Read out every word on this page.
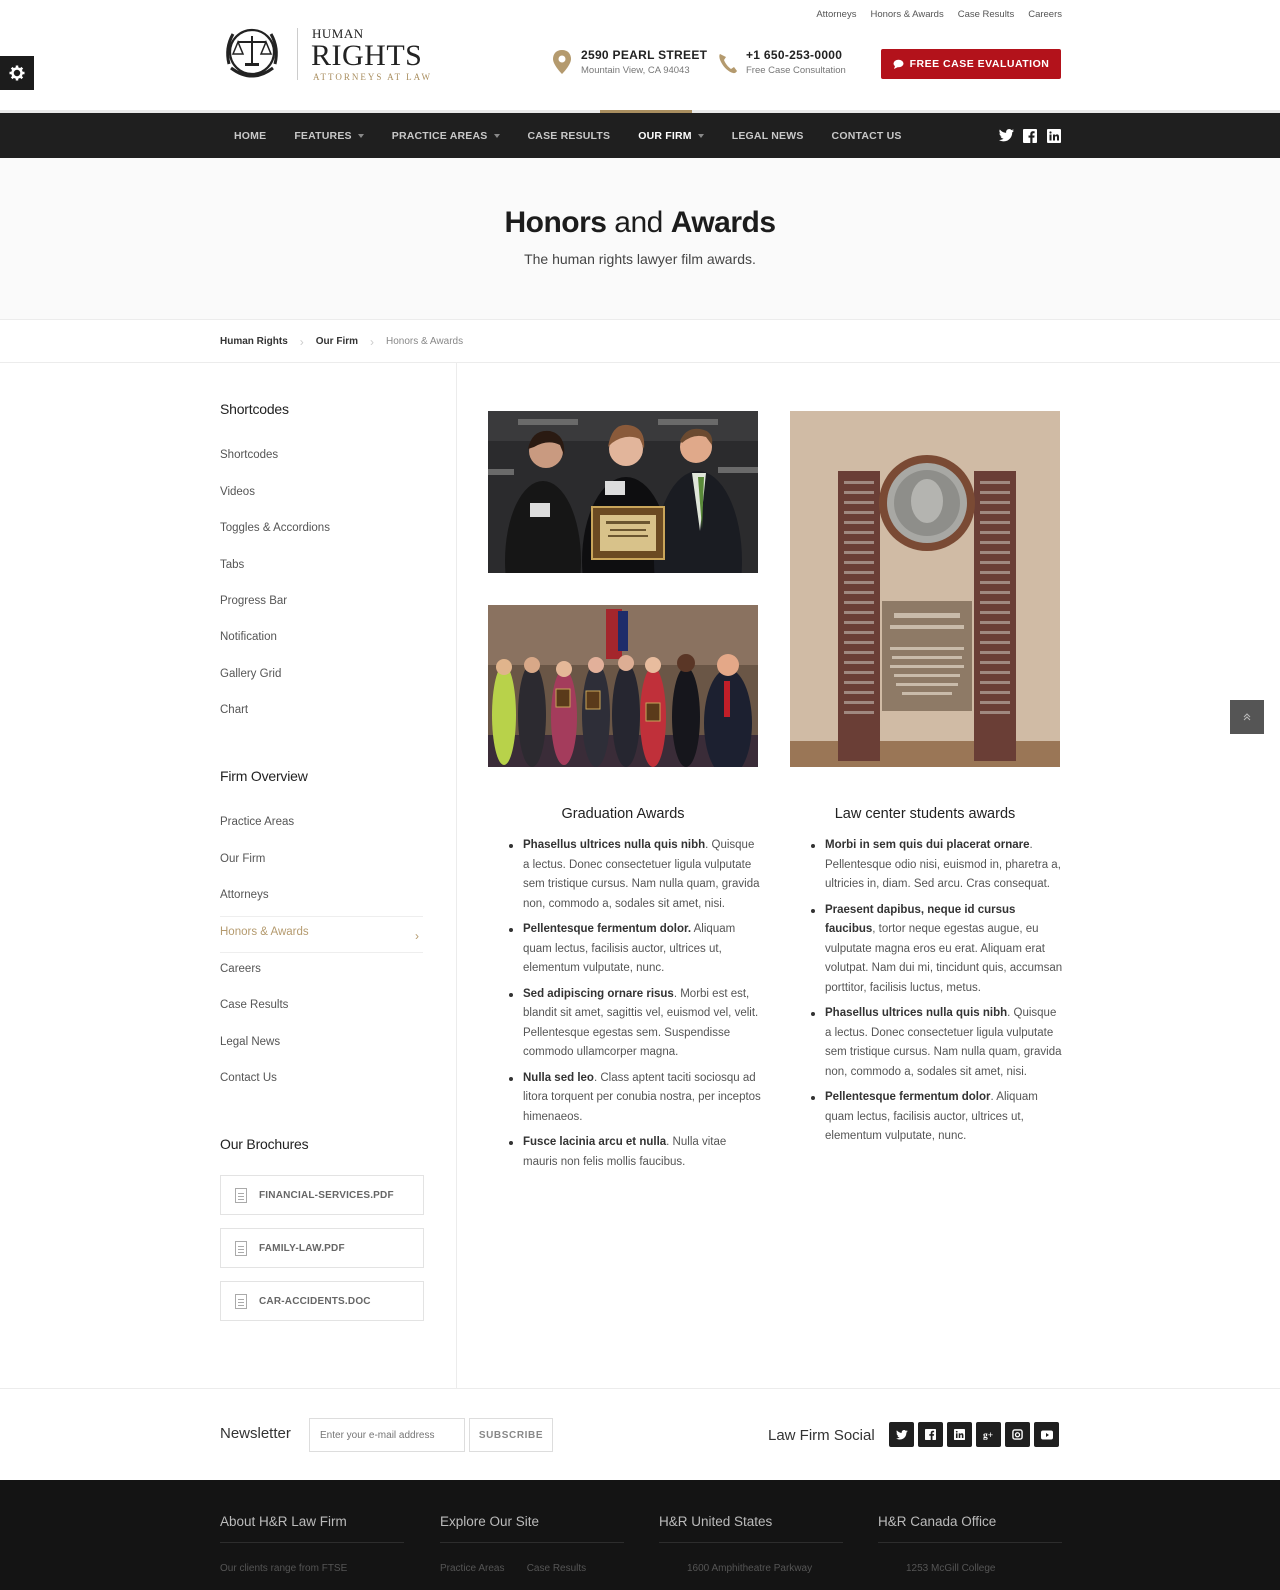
Attorneys Honors & Awards Case Results Careers
HUMAN
RIGHTS
ATTORNEYS AT LAW
2590 PEARL STREET
Mountain View, CA 94043
+1 650-253-0000
Free Case Consultation
FREE CASE EVALUATION
HOME	FEATURES	PRACTICE AREAS	CASE RESULTS	OUR FIRM	LEGAL NEWS	CONTACT US
Honors and Awards

The human rights lawyer film awards.

Human Rights › Our Firm › Honors & Awards
Shortcodes
Shortcodes
Videos
Toggles & Accordions
Tabs
Progress Bar
Notification
Gallery Grid
Chart
Firm Overview
Practice Areas
Our Firm
Attorneys
›
Honors & Awards
Careers
Case Results
Legal News
Contact Us
Our Brochures
FINANCIAL-SERVICES.PDF
FAMILY-LAW.PDF
CAR-ACCIDENTS.DOC
Graduation Awards
Phasellus ultrices nulla quis nibh. Quisque a lectus. Donec consectetuer ligula vulputate sem tristique cursus. Nam nulla quam, gravida non, commodo a, sodales sit amet, nisi.
Pellentesque fermentum dolor. Aliquam quam lectus, facilisis auctor, ultrices ut, elementum vulputate, nunc.
Sed adipiscing ornare risus. Morbi est est, blandit sit amet, sagittis vel, euismod vel, velit. Pellentesque egestas sem. Suspendisse commodo ullamcorper magna.
Nulla sed leo. Class aptent taciti sociosqu ad litora torquent per conubia nostra, per inceptos himenaeos.
Fusce lacinia arcu et nulla. Nulla vitae mauris non felis mollis faucibus.
Law center students awards
Morbi in sem quis dui placerat ornare. Pellentesque odio nisi, euismod in, pharetra a, ultricies in, diam. Sed arcu. Cras consequat.
Praesent dapibus, neque id cursus faucibus, tortor neque egestas augue, eu vulputate magna eros eu erat. Aliquam erat volutpat. Nam dui mi, tincidunt quis, accumsan porttitor, facilisis luctus, metus.
Phasellus ultrices nulla quis nibh. Quisque a lectus. Donec consectetuer ligula vulputate sem tristique cursus. Nam nulla quam, gravida non, commodo a, sodales sit amet, nisi.
Pellentesque fermentum dolor. Aliquam quam lectus, facilisis auctor, ultrices ut, elementum vulputate, nunc.
Newsletter
Enter your e-mail address	SUBSCRIBE	Law Firm Social	g+
About H&R Law Firm
Our clients range from FTSE
Explore Our Site
Practice Areas        Case Results
H&R United States
1600 Amphitheatre Parkway
H&R Canada Office
1253 McGill College
